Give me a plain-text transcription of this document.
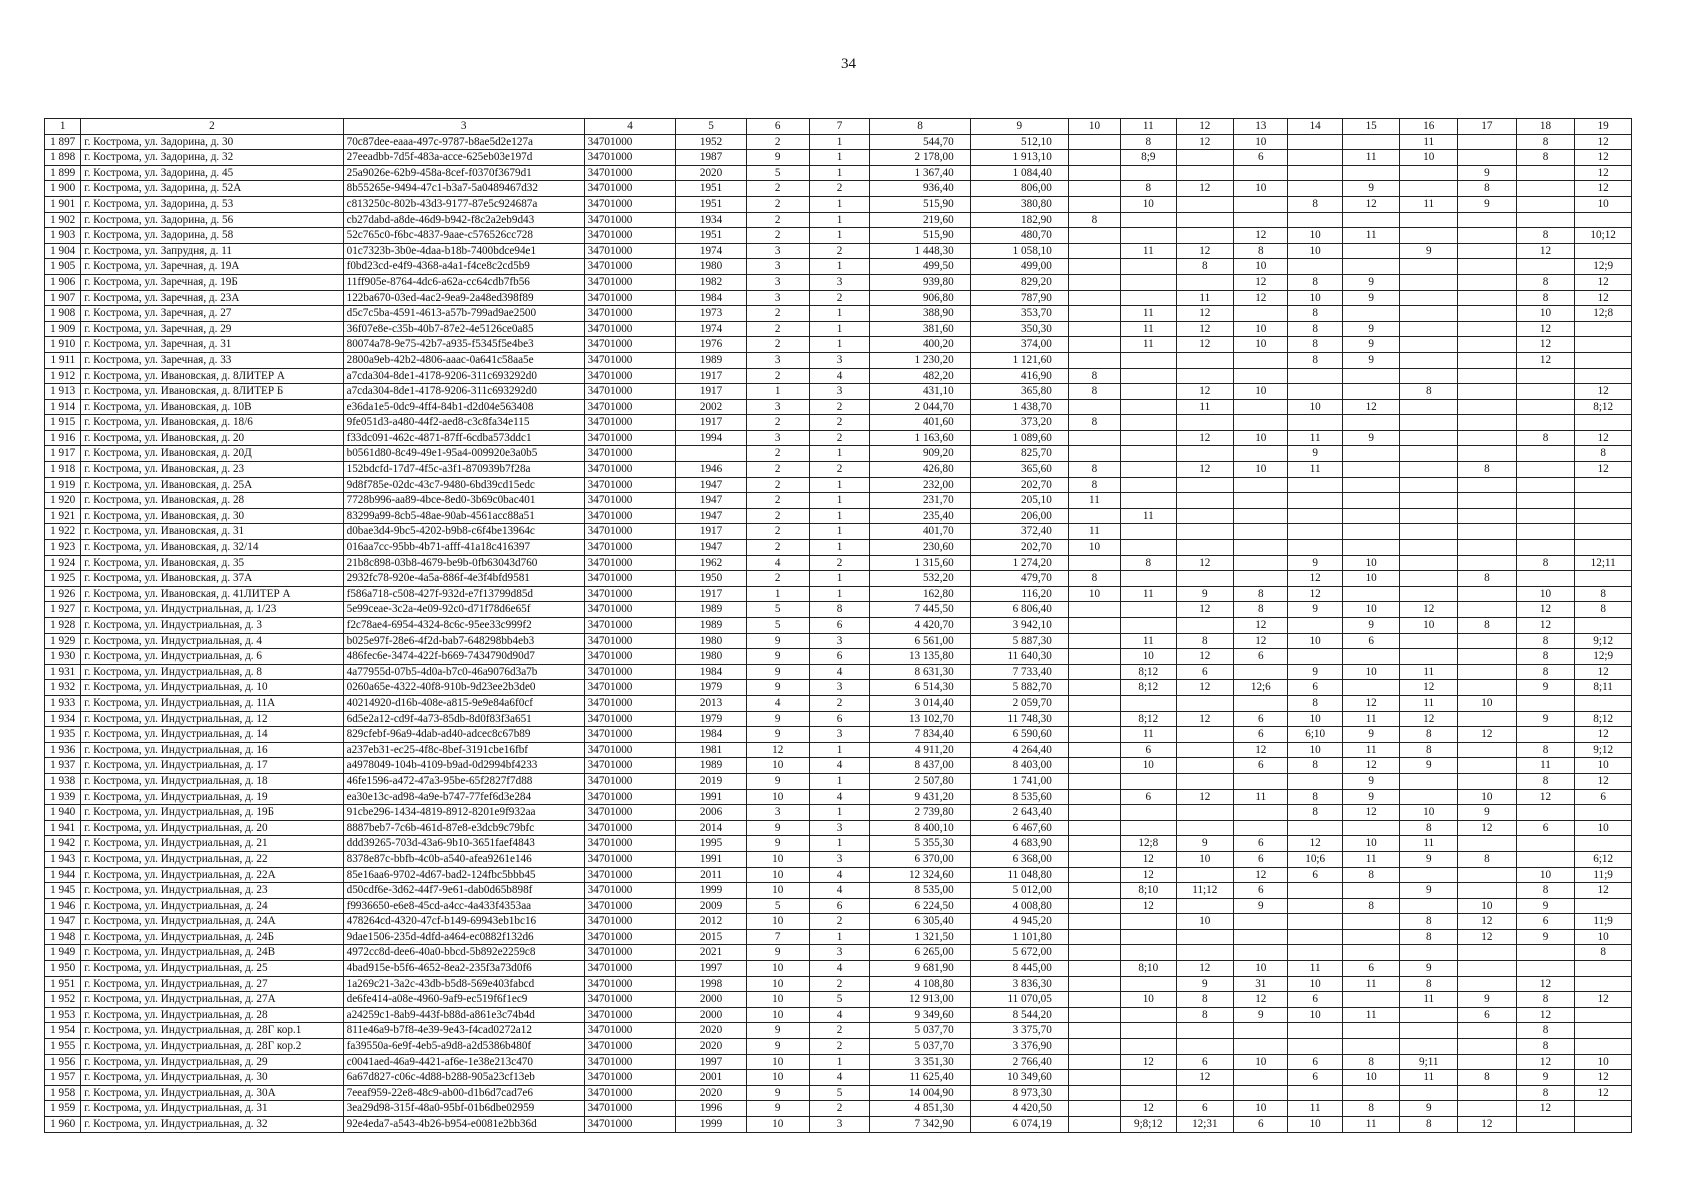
34
1	2	3	4	5	6	7	8	9	10	11	12	13	14	15	16	17	18	19
1 897	г. Кострома, ул. Задорина, д. 30	70c87dee-eaaa-497c-9787-b8ae5d2e127a	34701000	1952	2	1	544,70	512,10		8	12	10			11		8	12
1 898	г. Кострома, ул. Задорина, д. 32	27eeadbb-7d5f-483a-acce-625eb03e197d	34701000	1987	9	1	2 178,00	1 913,10		8;9		6		11	10		8	12
1 899	г. Кострома, ул. Задорина, д. 45	25a9026e-62b9-458a-8cef-f0370f3679d1	34701000	2020	5	1	1 367,40	1 084,40								9		12
1 900	г. Кострома, ул. Задорина, д. 52А	8b55265e-9494-47c1-b3a7-5a0489467d32	34701000	1951	2	2	936,40	806,00		8	12	10		9		8		12
1 901	г. Кострома, ул. Задорина, д. 53	c813250c-802b-43d3-9177-87e5c924687a	34701000	1951	2	1	515,90	380,80		10			8	12	11	9		10
1 902	г. Кострома, ул. Задорина, д. 56	cb27dabd-a8de-46d9-b942-f8c2a2eb9d43	34701000	1934	2	1	219,60	182,90	8									
1 903	г. Кострома, ул. Задорина, д. 58	52c765c0-f6bc-4837-9aae-c576526cc728	34701000	1951	2	1	515,90	480,70				12	10	11			8	10;12
1 904	г. Кострома, ул. Запрудня, д. 11	01c7323b-3b0e-4daa-b18b-7400bdce94e1	34701000	1974	3	2	1 448,30	1 058,10		11	12	8	10		9		12	
1 905	г. Кострома, ул. Заречная, д. 19А	f0bd23cd-e4f9-4368-a4a1-f4ce8c2cd5b9	34701000	1980	3	1	499,50	499,00			8	10						12;9
1 906	г. Кострома, ул. Заречная, д. 19Б	11ff905e-8764-4dc6-a62a-cc64cdb7fb56	34701000	1982	3	3	939,80	829,20				12	8	9			8	12
1 907	г. Кострома, ул. Заречная, д. 23А	122ba670-03ed-4ac2-9ea9-2a48ed398f89	34701000	1984	3	2	906,80	787,90			11	12	10	9			8	12
1 908	г. Кострома, ул. Заречная, д. 27	d5c7c5ba-4591-4613-a57b-799ad9ae2500	34701000	1973	2	1	388,90	353,70		11	12		8				10	12;8
1 909	г. Кострома, ул. Заречная, д. 29	36f07e8e-c35b-40b7-87e2-4e5126ce0a85	34701000	1974	2	1	381,60	350,30		11	12	10	8	9			12	
1 910	г. Кострома, ул. Заречная, д. 31	80074a78-9e75-42b7-a935-f5345f5e4be3	34701000	1976	2	1	400,20	374,00		11	12	10	8	9			12	
1 911	г. Кострома, ул. Заречная, д. 33	2800a9eb-42b2-4806-aaac-0a641c58aa5e	34701000	1989	3	3	1 230,20	1 121,60					8	9			12	
1 912	г. Кострома, ул. Ивановская, д. 8ЛИТЕР А	a7cda304-8de1-4178-9206-311c693292d0	34701000	1917	2	4	482,20	416,90	8									
1 913	г. Кострома, ул. Ивановская, д. 8ЛИТЕР Б	a7cda304-8de1-4178-9206-311c693292d0	34701000	1917	1	3	431,10	365,80	8		12	10			8			12
1 914	г. Кострома, ул. Ивановская, д. 10В	e36da1e5-0dc9-4ff4-84b1-d2d04e563408	34701000	2002	3	2	2 044,70	1 438,70			11		10	12				8;12
1 915	г. Кострома, ул. Ивановская, д. 18/6	9fe051d3-a480-44f2-aed8-c3c8fa34e115	34701000	1917	2	2	401,60	373,20	8									
1 916	г. Кострома, ул. Ивановская, д. 20	f33dc091-462c-4871-87ff-6cdba573ddc1	34701000	1994	3	2	1 163,60	1 089,60			12	10	11	9			8	12
1 917	г. Кострома, ул. Ивановская, д. 20Д	b0561d80-8c49-49e1-95a4-009920e3a0b5	34701000		2	1	909,20	825,70					9					8
1 918	г. Кострома, ул. Ивановская, д. 23	152bdcfd-17d7-4f5c-a3f1-870939b7f28a	34701000	1946	2	2	426,80	365,60	8		12	10	11			8		12
1 919	г. Кострома, ул. Ивановская, д. 25А	9d8f785e-02dc-43c7-9480-6bd39cd15edc	34701000	1947	2	1	232,00	202,70	8									
1 920	г. Кострома, ул. Ивановская, д. 28	7728b996-aa89-4bce-8ed0-3b69c0bac401	34701000	1947	2	1	231,70	205,10	11									
1 921	г. Кострома, ул. Ивановская, д. 30	83299a99-8cb5-48ae-90ab-4561acc88a51	34701000	1947	2	1	235,40	206,00		11								
1 922	г. Кострома, ул. Ивановская, д. 31	d0bae3d4-9bc5-4202-b9b8-c6f4be13964c	34701000	1917	2	1	401,70	372,40	11									
1 923	г. Кострома, ул. Ивановская, д. 32/14	016aa7cc-95bb-4b71-afff-41a18c416397	34701000	1947	2	1	230,60	202,70	10									
1 924	г. Кострома, ул. Ивановская, д. 35	21b8c898-03b8-4679-be9b-0fb63043d760	34701000	1962	4	2	1 315,60	1 274,20		8	12		9	10			8	12;11
1 925	г. Кострома, ул. Ивановская, д. 37А	2932fc78-920e-4a5a-886f-4e3f4bfd9581	34701000	1950	2	1	532,20	479,70	8				12	10		8		
1 926	г. Кострома, ул. Ивановская, д. 41ЛИТЕР А	f586a718-c508-427f-932d-e7f13799d85d	34701000	1917	1	1	162,80	116,20	10	11	9	8	12				10	8
1 927	г. Кострома, ул. Индустриальная, д. 1/23	5e99ceae-3c2a-4e09-92c0-d71f78d6e65f	34701000	1989	5	8	7 445,50	6 806,40			12	8	9	10	12		12	8
1 928	г. Кострома, ул. Индустриальная, д. 3	f2c78ae4-6954-4324-8c6c-95ee33c999f2	34701000	1989	5	6	4 420,70	3 942,10				12		9	10	8	12	
1 929	г. Кострома, ул. Индустриальная, д. 4	b025e97f-28e6-4f2d-bab7-648298bb4eb3	34701000	1980	9	3	6 561,00	5 887,30		11	8	12	10	6			8	9;12
1 930	г. Кострома, ул. Индустриальная, д. 6	486fec6e-3474-422f-b669-7434790d90d7	34701000	1980	9	6	13 135,80	11 640,30		10	12	6					8	12;9
1 931	г. Кострома, ул. Индустриальная, д. 8	4a77955d-07b5-4d0a-b7c0-46a9076d3a7b	34701000	1984	9	4	8 631,30	7 733,40		8;12	6		9	10	11		8	12
1 932	г. Кострома, ул. Индустриальная, д. 10	0260a65e-4322-40f8-910b-9d23ee2b3de0	34701000	1979	9	3	6 514,30	5 882,70		8;12	12	12;6	6		12		9	8;11
1 933	г. Кострома, ул. Индустриальная, д. 11А	40214920-d16b-408e-a815-9e9e84a6f0cf	34701000	2013	4	2	3 014,40	2 059,70					8	12	11	10		
1 934	г. Кострома, ул. Индустриальная, д. 12	6d5e2a12-cd9f-4a73-85db-8d0f83f3a651	34701000	1979	9	6	13 102,70	11 748,30		8;12	12	6	10	11	12		9	8;12
1 935	г. Кострома, ул. Индустриальная, д. 14	829cfebf-96a9-4dab-ad40-adcec8c67b89	34701000	1984	9	3	7 834,40	6 590,60		11		6	6;10	9	8	12		12
1 936	г. Кострома, ул. Индустриальная, д. 16	a237eb31-ec25-4f8c-8bef-3191cbe16fbf	34701000	1981	12	1	4 911,20	4 264,40		6		12	10	11	8		8	9;12
1 937	г. Кострома, ул. Индустриальная, д. 17	a4978049-104b-4109-b9ad-0d2994bf4233	34701000	1989	10	4	8 437,00	8 403,00		10		6	8	12	9		11	10
1 938	г. Кострома, ул. Индустриальная, д. 18	46fe1596-a472-47a3-95be-65f2827f7d88	34701000	2019	9	1	2 507,80	1 741,00						9			8	12
1 939	г. Кострома, ул. Индустриальная, д. 19	ea30e13c-ad98-4a9e-b747-77fef6d3e284	34701000	1991	10	4	9 431,20	8 535,60		6	12	11	8	9		10	12	6
1 940	г. Кострома, ул. Индустриальная, д. 19Б	91cbe296-1434-4819-8912-8201e9f932aa	34701000	2006	3	1	2 739,80	2 643,40					8	12	10	9		
1 941	г. Кострома, ул. Индустриальная, д. 20	8887beb7-7c6b-461d-87e8-e3dcb9c79bfc	34701000	2014	9	3	8 400,10	6 467,60							8	12	6	10
1 942	г. Кострома, ул. Индустриальная, д. 21	ddd39265-703d-43a6-9b10-3651faef4843	34701000	1995	9	1	5 355,30	4 683,90		12;8	9	6	12	10	11			
1 943	г. Кострома, ул. Индустриальная, д. 22	8378e87c-bbfb-4c0b-a540-afea9261e146	34701000	1991	10	3	6 370,00	6 368,00		12	10	6	10;6	11	9	8		6;12
1 944	г. Кострома, ул. Индустриальная, д. 22А	85e16aa6-9702-4d67-bad2-124fbc5bbb45	34701000	2011	10	4	12 324,60	11 048,80		12		12	6	8			10	11;9
1 945	г. Кострома, ул. Индустриальная, д. 23	d50cdf6e-3d62-44f7-9e61-dab0d65b898f	34701000	1999	10	4	8 535,00	5 012,00		8;10	11;12	6			9		8	12
1 946	г. Кострома, ул. Индустриальная, д. 24	f9936650-e6e8-45cd-a4cc-4a433f4353aa	34701000	2009	5	6	6 224,50	4 008,80		12		9		8		10	9	
1 947	г. Кострома, ул. Индустриальная, д. 24А	478264cd-4320-47cf-b149-69943eb1bc16	34701000	2012	10	2	6 305,40	4 945,20			10				8	12	6	11;9
1 948	г. Кострома, ул. Индустриальная, д. 24Б	9dae1506-235d-4dfd-a464-ec0882f132d6	34701000	2015	7	1	1 321,50	1 101,80							8	12	9	10
1 949	г. Кострома, ул. Индустриальная, д. 24В	4972cc8d-dee6-40a0-bbcd-5b892e2259c8	34701000	2021	9	3	6 265,00	5 672,00										8
1 950	г. Кострома, ул. Индустриальная, д. 25	4bad915e-b5f6-4652-8ea2-235f3a73d0f6	34701000	1997	10	4	9 681,90	8 445,00		8;10	12	10	11	6	9			
1 951	г. Кострома, ул. Индустриальная, д. 27	1a269c21-3a2c-43db-b5d8-569e403fabcd	34701000	1998	10	2	4 108,80	3 836,30			9	31	10	11	8		12	
1 952	г. Кострома, ул. Индустриальная, д. 27А	de6fe414-a08e-4960-9af9-ec519f6f1ec9	34701000	2000	10	5	12 913,00	11 070,05		10	8	12	6		11	9	8	12
1 953	г. Кострома, ул. Индустриальная, д. 28	a24259c1-8ab9-443f-b88d-a861e3c74b4d	34701000	2000	10	4	9 349,60	8 544,20			8	9	10	11		6	12	
1 954	г. Кострома, ул. Индустриальная, д. 28Г кор.1	811e46a9-b7f8-4e39-9e43-f4cad0272a12	34701000	2020	9	2	5 037,70	3 375,70									8	
1 955	г. Кострома, ул. Индустриальная, д. 28Г кор.2	fa39550a-6e9f-4eb5-a9d8-a2d5386b480f	34701000	2020	9	2	5 037,70	3 376,90									8	
1 956	г. Кострома, ул. Индустриальная, д. 29	c0041aed-46a9-4421-af6e-1e38e213c470	34701000	1997	10	1	3 351,30	2 766,40		12	6	10	6	8	9;11		12	10
1 957	г. Кострома, ул. Индустриальная, д. 30	6a67d827-c06c-4d88-b288-905a23cf13eb	34701000	2001	10	4	11 625,40	10 349,60			12		6	10	11	8	9	12
1 958	г. Кострома, ул. Индустриальная, д. 30А	7eeaf959-22e8-48c9-ab00-d1b6d7cad7e6	34701000	2020	9	5	14 004,90	8 973,30									8	12
1 959	г. Кострома, ул. Индустриальная, д. 31	3ea29d98-315f-48a0-95bf-01b6dbe02959	34701000	1996	9	2	4 851,30	4 420,50		12	6	10	11	8	9		12	
1 960	г. Кострома, ул. Индустриальная, д. 32	92e4eda7-a543-4b26-b954-e0081e2bb36d	34701000	1999	10	3	7 342,90	6 074,19		9;8;12	12;31	6	10	11	8	12		
